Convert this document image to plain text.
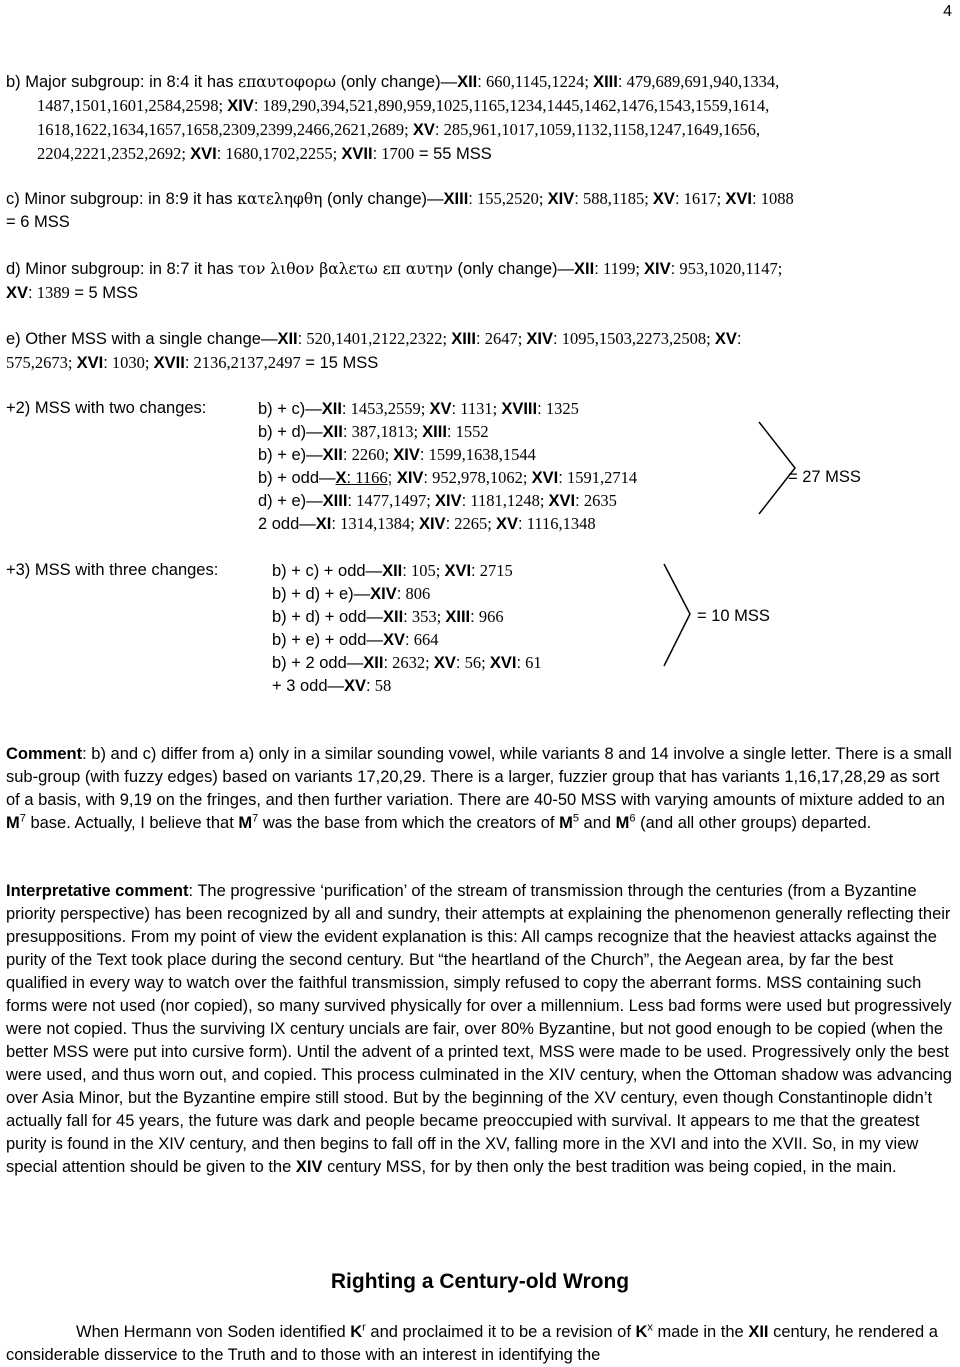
4
b) Major subgroup: in 8:4 it has επαυτοφορω (only change)—XII: 660,1145,1224; XIII: 479,689,691,940,1334,
1487,1501,1601,2584,2598; XIV: 189,290,394,521,890,959,1025,1165,1234,1445,1462,1476,1543,1559,1614,
1618,1622,1634,1657,1658,2309,2399,2466,2621,2689; XV: 285,961,1017,1059,1132,1158,1247,1649,1656,
2204,2221,2352,2692; XVI: 1680,1702,2255; XVII: 1700 = 55 MSS
c) Minor subgroup: in 8:9 it has κατεληφθη (only change)—XIII: 155,2520; XIV: 588,1185; XV: 1617; XVI: 1088
= 6 MSS
d) Minor subgroup: in 8:7 it has τον λιθον βαλετω επ αυτην (only change)—XII: 1199; XIV: 953,1020,1147;
XV: 1389 = 5 MSS
e) Other MSS with a single change—XII: 520,1401,2122,2322; XIII: 2647; XIV: 1095,1503,2273,2508; XV:
575,2673; XVI: 1030; XVII: 2136,2137,2497 = 15 MSS
+2) MSS with two changes:	b) + c)—XII: 1453,2559; XV: 1131; XVIII: 1325
b) + d)—XII: 387,1813; XIII: 1552
b) + e)—XII: 2260; XIV: 1599,1638,1544
b) + odd—X: 1166; XIV: 952,978,1062; XVI: 1591,2714
d) + e)—XIII: 1477,1497; XIV: 1181,1248; XVI: 2635
2 odd—XI: 1314,1384; XIV: 2265; XV: 1116,1348
= 27 MSS
+3) MSS with three changes:	b) + c) + odd—XII: 105; XVI: 2715
b) + d) + e)—XIV: 806
b) + d) + odd—XII: 353; XIII: 966
b) + e) + odd—XV: 664
b) + 2 odd—XII: 2632; XV: 56; XVI: 61
+ 3 odd—XV: 58
= 10 MSS
Comment: b) and c) differ from a) only in a similar sounding vowel, while variants 8 and 14 involve a single letter. There is a small sub-group (with fuzzy edges) based on variants 17,20,29. There is a larger, fuzzier group that has variants 1,16,17,28,29 as sort of a basis, with 9,19 on the fringes, and then further variation. There are 40-50 MSS with varying amounts of mixture added to an $M^7$ base. Actually, I believe that $M^7$ was the base from which the creators of $M^5$ and $M^6$ (and all other groups) departed.
Interpretative comment: The progressive ‘purification’ of the stream of transmission through the centuries (from a Byzantine priority perspective) has been recognized by all and sundry, their attempts at explaining the phenomenon generally reflecting their presuppositions. From my point of view the evident explanation is this: All camps recognize that the heaviest attacks against the purity of the Text took place during the second century. But “the heartland of the Church”, the Aegean area, by far the best qualified in every way to watch over the faithful transmission, simply refused to copy the aberrant forms. MSS containing such forms were not used (nor copied), so many survived physically for over a millennium. Less bad forms were used but progressively were not copied. Thus the surviving IX century uncials are fair, over 80% Byzantine, but not good enough to be copied (when the better MSS were put into cursive form). Until the advent of a printed text, MSS were made to be used. Progressively only the best were used, and thus worn out, and copied. This process culminated in the XIV century, when the Ottoman shadow was advancing over Asia Minor, but the Byzantine empire still stood. But by the beginning of the XV century, even though Constantinople didn’t actually fall for 45 years, the future was dark and people became preoccupied with survival. It appears to me that the greatest purity is found in the XIV century, and then begins to fall off in the XV, falling more in the XVI and into the XVII. So, in my view special attention should be given to the XIV century MSS, for by then only the best tradition was being copied, in the main.
Righting a Century-old Wrong
When Hermann von Soden identified $K^r$ and proclaimed it to be a revision of $K^x$ made in the XII century, he rendered a considerable disservice to the Truth and to those with an interest in identifying the
